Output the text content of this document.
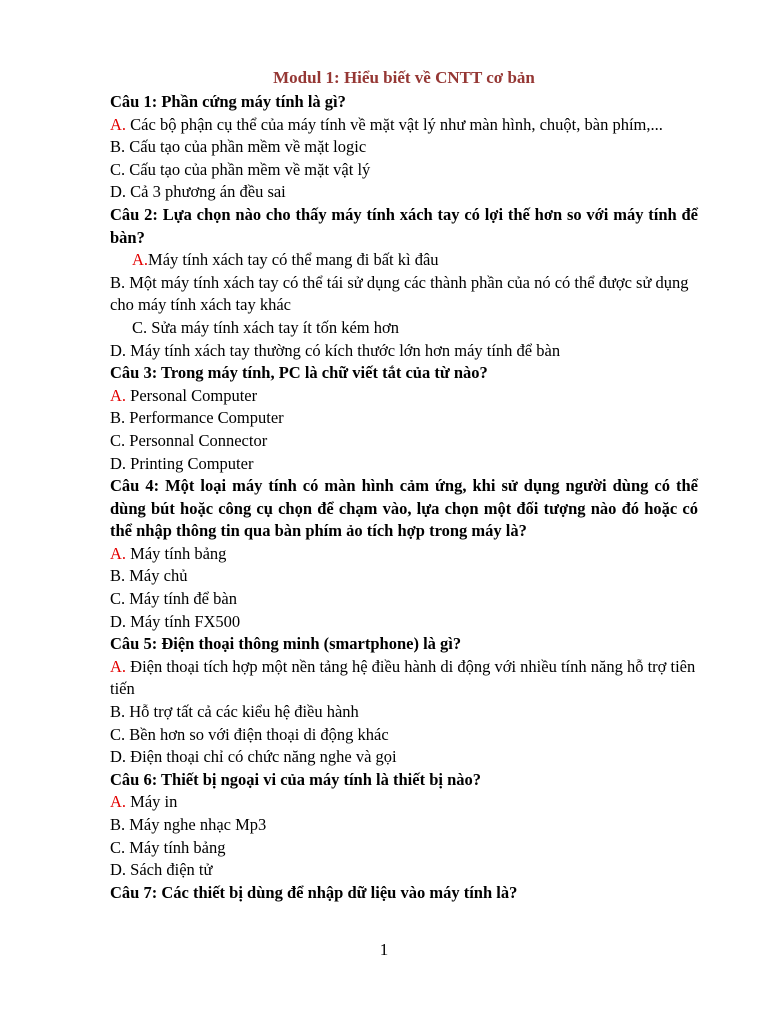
Modul 1: Hiểu biết về CNTT cơ bản

Câu 1: Phần cứng máy tính là gì?

A. Các bộ phận cụ thể của máy tính về mặt vật lý như màn hình, chuột, bàn phím,...

B. Cấu tạo của phần mềm về mặt logic

C. Cấu tạo của phần mềm về mặt vật lý

D. Cả 3 phương án đều sai

Câu 2: Lựa chọn nào cho thấy máy tính xách tay có lợi thế hơn so với máy tính để bàn?

A.Máy tính xách tay có thể mang đi bất kì đâu

B. Một máy tính xách tay có thể tái sử dụng các thành phần của nó có thể được sử dụng cho máy tính xách tay khác

C. Sửa máy tính xách tay ít tốn kém hơn

D. Máy tính xách tay thường có kích thước lớn hơn máy tính để bàn

Câu 3: Trong máy tính, PC là chữ viết tắt của từ nào?

A. Personal Computer

B. Performance Computer

C. Personnal Connector

D. Printing Computer

Câu 4: Một loại máy tính có màn hình cảm ứng, khi sử dụng người dùng có thể dùng bút hoặc công cụ chọn để chạm vào, lựa chọn một đối tượng nào đó hoặc có thể nhập thông tin qua bàn phím ảo tích hợp trong máy là?

A. Máy tính bảng

B. Máy chủ

C. Máy tính để bàn

D. Máy tính FX500

Câu 5: Điện thoại thông minh (smartphone) là gì?

A. Điện thoại tích hợp một nền tảng hệ điều hành di động với nhiều tính năng hỗ trợ tiên tiến

B. Hỗ trợ tất cả các kiểu hệ điều hành

C. Bền hơn so với điện thoại di động khác

D. Điện thoại chỉ có chức năng nghe và gọi

Câu 6: Thiết bị ngoại vi của máy tính là thiết bị nào?

A. Máy in

B. Máy nghe nhạc Mp3

C. Máy tính bảng

D. Sách điện tử

Câu 7: Các thiết bị dùng để nhập dữ liệu vào máy tính là?

1
